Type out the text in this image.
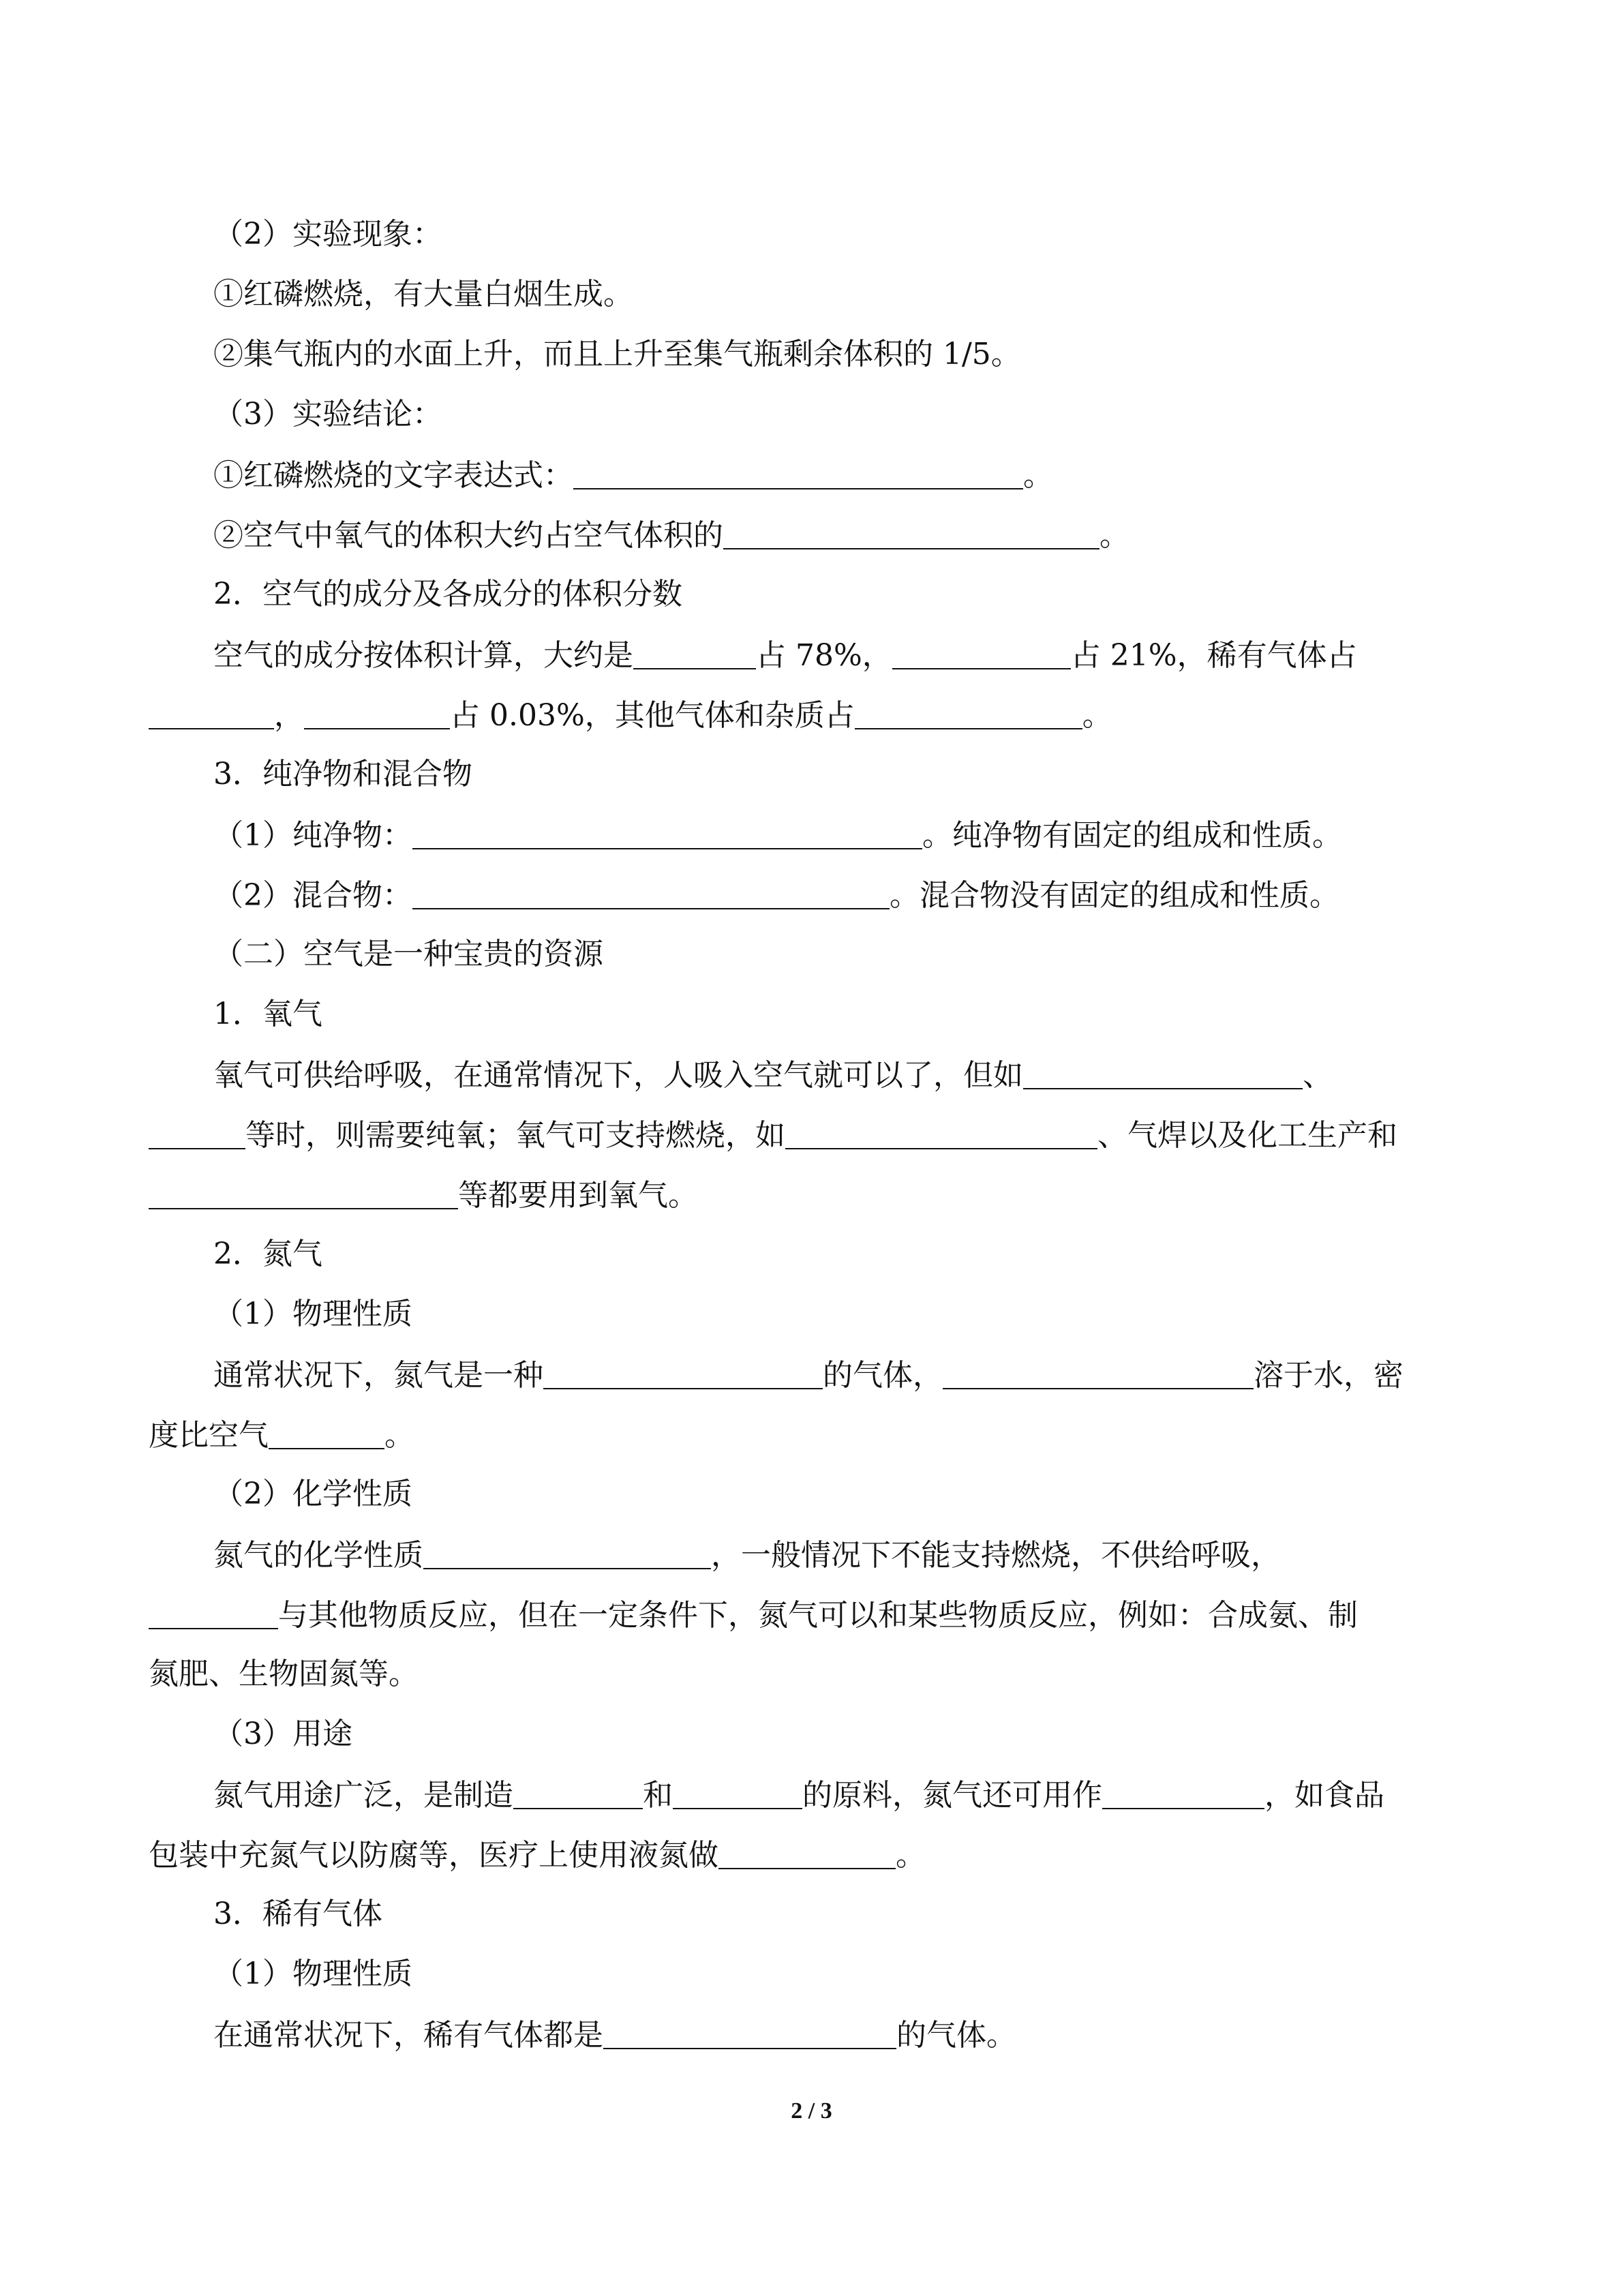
（2）实验现象：
①红磷燃烧，有大量白烟生成。
②集气瓶内的水面上升，而且上升至集气瓶剩余体积的 1/5。
（3）实验结论：
①红磷燃烧的文字表达式：	。
②空气中氧气的体积大约占空气体积的	。
2．空气的成分及各成分的体积分数
空气的成分按体积计算，大约是	占 78%，	占 21%，稀有气体占
，	占 0.03%，其他气体和杂质占	。
3．纯净物和混合物
（1）纯净物：	。纯净物有固定的组成和性质。
（2）混合物：	。混合物没有固定的组成和性质。
（二）空气是一种宝贵的资源
1．氧气
氧气可供给呼吸，在通常情况下，人吸入空气就可以了，但如	、
等时，则需要纯氧；氧气可支持燃烧，如	、气焊以及化工生产和
等都要用到氧气。
2．氮气
（1）物理性质
通常状况下，氮气是一种	的气体，	溶于水，密
度比空气	。
（2）化学性质
氮气的化学性质	，一般情况下不能支持燃烧，不供给呼吸，
与其他物质反应，但在一定条件下，氮气可以和某些物质反应，例如：合成氨、制
氮肥、生物固氮等。
（3）用途
氮气用途广泛，是制造	和	的原料，氮气还可用作	，如食品
包装中充氮气以防腐等，医疗上使用液氮做	。
3．稀有气体
（1）物理性质
在通常状况下，稀有气体都是	的气体。
2 / 3
